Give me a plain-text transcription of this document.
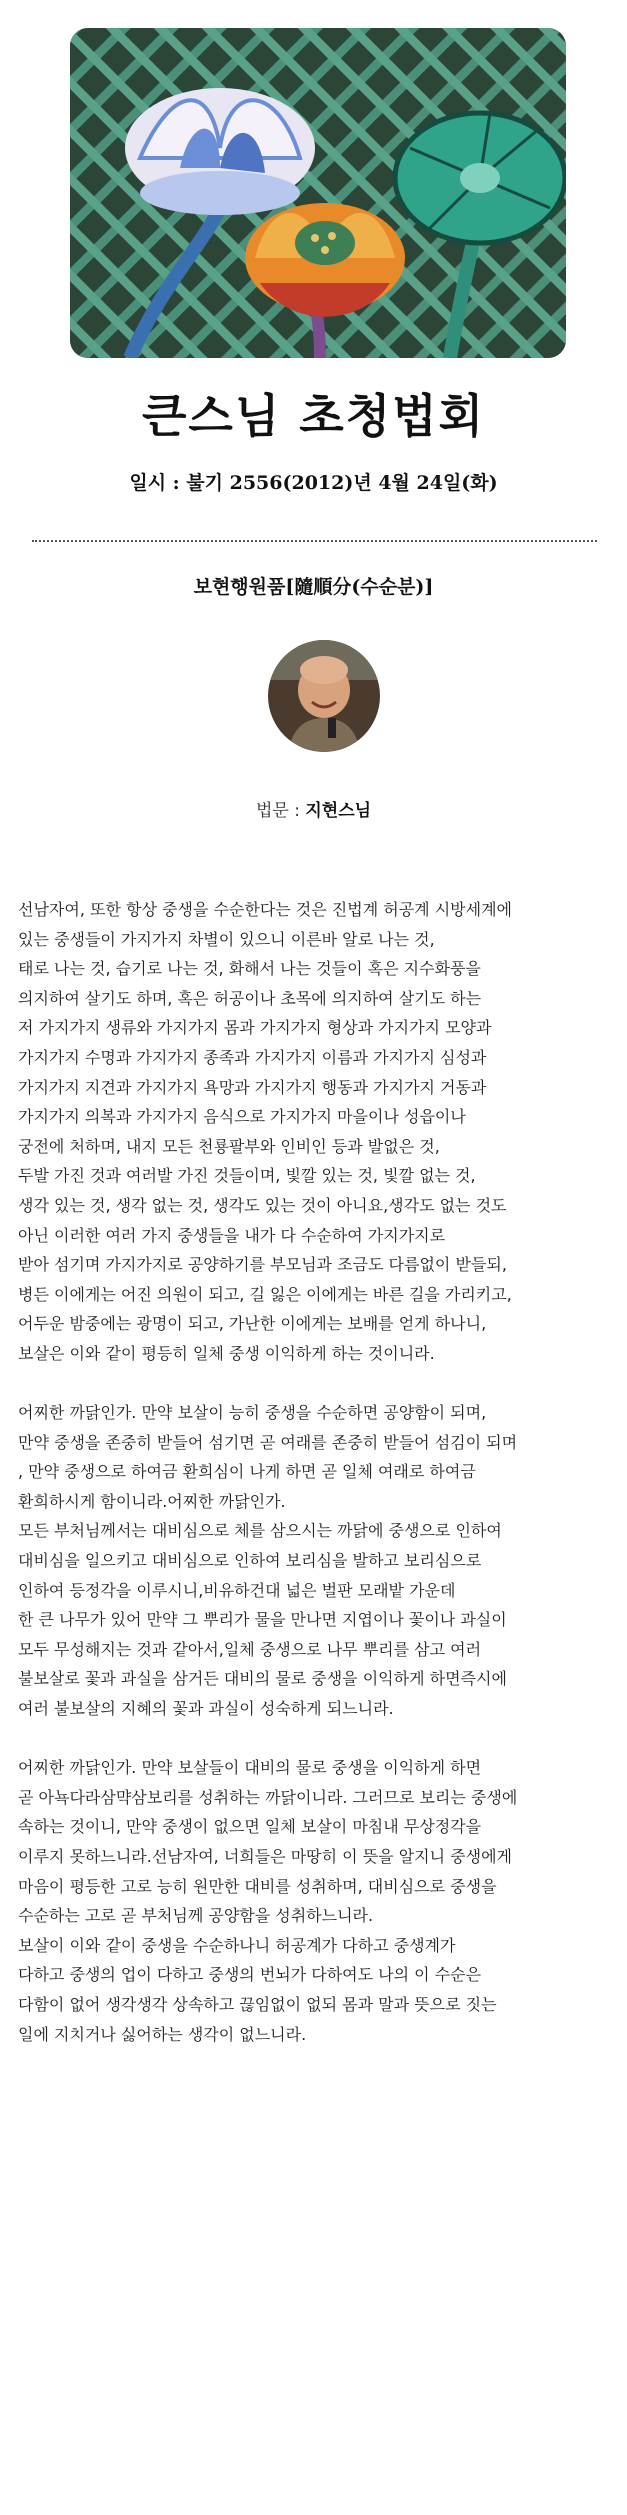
큰스님 초청법회
일시 : 불기 2556(2012)년 4월 24일(화)
보현행원품[隨順分(수순분)]
법문 : 지현스님

선남자여, 또한 항상 중생을 수순한다는 것은 진법계 허공계 시방세계에
있는 중생들이 가지가지 차별이 있으니 이른바 알로 나는 것,
태로 나는 것, 습기로 나는 것, 화해서 나는 것들이 혹은 지수화풍을
의지하여 살기도 하며, 혹은 허공이나 초목에 의지하여 살기도 하는
저 가지가지 생류와 가지가지 몸과 가지가지 형상과 가지가지 모양과
가지가지 수명과 가지가지 종족과 가지가지 이름과 가지가지 심성과
가지가지 지견과 가지가지 욕망과 가지가지 행동과 가지가지 거동과
가지가지 의복과 가지가지 음식으로 가지가지 마을이나 성읍이나
궁전에 처하며, 내지 모든 천룡팔부와 인비인 등과 발없은 것,
두발 가진 것과 여러발 가진 것들이며, 빛깔 있는 것, 빛깔 없는 것,
생각 있는 것, 생각 없는 것, 생각도 있는 것이 아니요,생각도 없는 것도
아닌 이러한 여러 가지 중생들을 내가 다 수순하여 가지가지로
받아 섬기며 가지가지로 공양하기를 부모님과 조금도 다름없이 받들되,
병든 이에게는 어진 의원이 되고, 길 잃은 이에게는 바른 길을 가리키고,
어두운 밤중에는 광명이 되고, 가난한 이에게는 보배를 얻게 하나니,
보살은 이와 같이 평등히 일체 중생 이익하게 하는 것이니라.

어찌한 까닭인가. 만약 보살이 능히 중생을 수순하면 공양함이 되며,
만약 중생을 존중히 받들어 섬기면 곧 여래를 존중히 받들어 섬김이 되며
, 만약 중생으로 하여금 환희심이 나게 하면 곧 일체 여래로 하여금
환희하시게 함이니라.어찌한 까닭인가.
모든 부처님께서는 대비심으로 체를 삼으시는 까닭에 중생으로 인하여
대비심을 일으키고 대비심으로 인하여 보리심을 발하고 보리심으로
인하여 등정각을 이루시니,비유하건대 넓은 벌판 모래밭 가운데
한 큰 나무가 있어 만약 그 뿌리가 물을 만나면 지엽이나 꽃이나 과실이
모두 무성해지는 것과 같아서,일체 중생으로 나무 뿌리를 삼고 여러
불보살로 꽃과 과실을 삼거든 대비의 물로 중생을 이익하게 하면즉시에
여러 불보살의 지혜의 꽃과 과실이 성숙하게 되느니라.

어찌한 까닭인가. 만약 보살들이 대비의 물로 중생을 이익하게 하면
곧 아뇩다라삼먁삼보리를 성취하는 까닭이니라. 그러므로 보리는 중생에
속하는 것이니, 만약 중생이 없으면 일체 보살이 마침내 무상정각을
이루지 못하느니라.선남자여, 너희들은 마땅히 이 뜻을 알지니 중생에게
마음이 평등한 고로 능히 원만한 대비를 성취하며, 대비심으로 중생을
수순하는 고로 곧 부처님께 공양함을 성취하느니라.
보살이 이와 같이 중생을 수순하나니 허공계가 다하고 중생계가
다하고 중생의 업이 다하고 중생의 번뇌가 다하여도 나의 이 수순은
다함이 없어 생각생각 상속하고 끊임없이 없되 몸과 말과 뜻으로 짓는
일에 지치거나 싫어하는 생각이 없느니라.
